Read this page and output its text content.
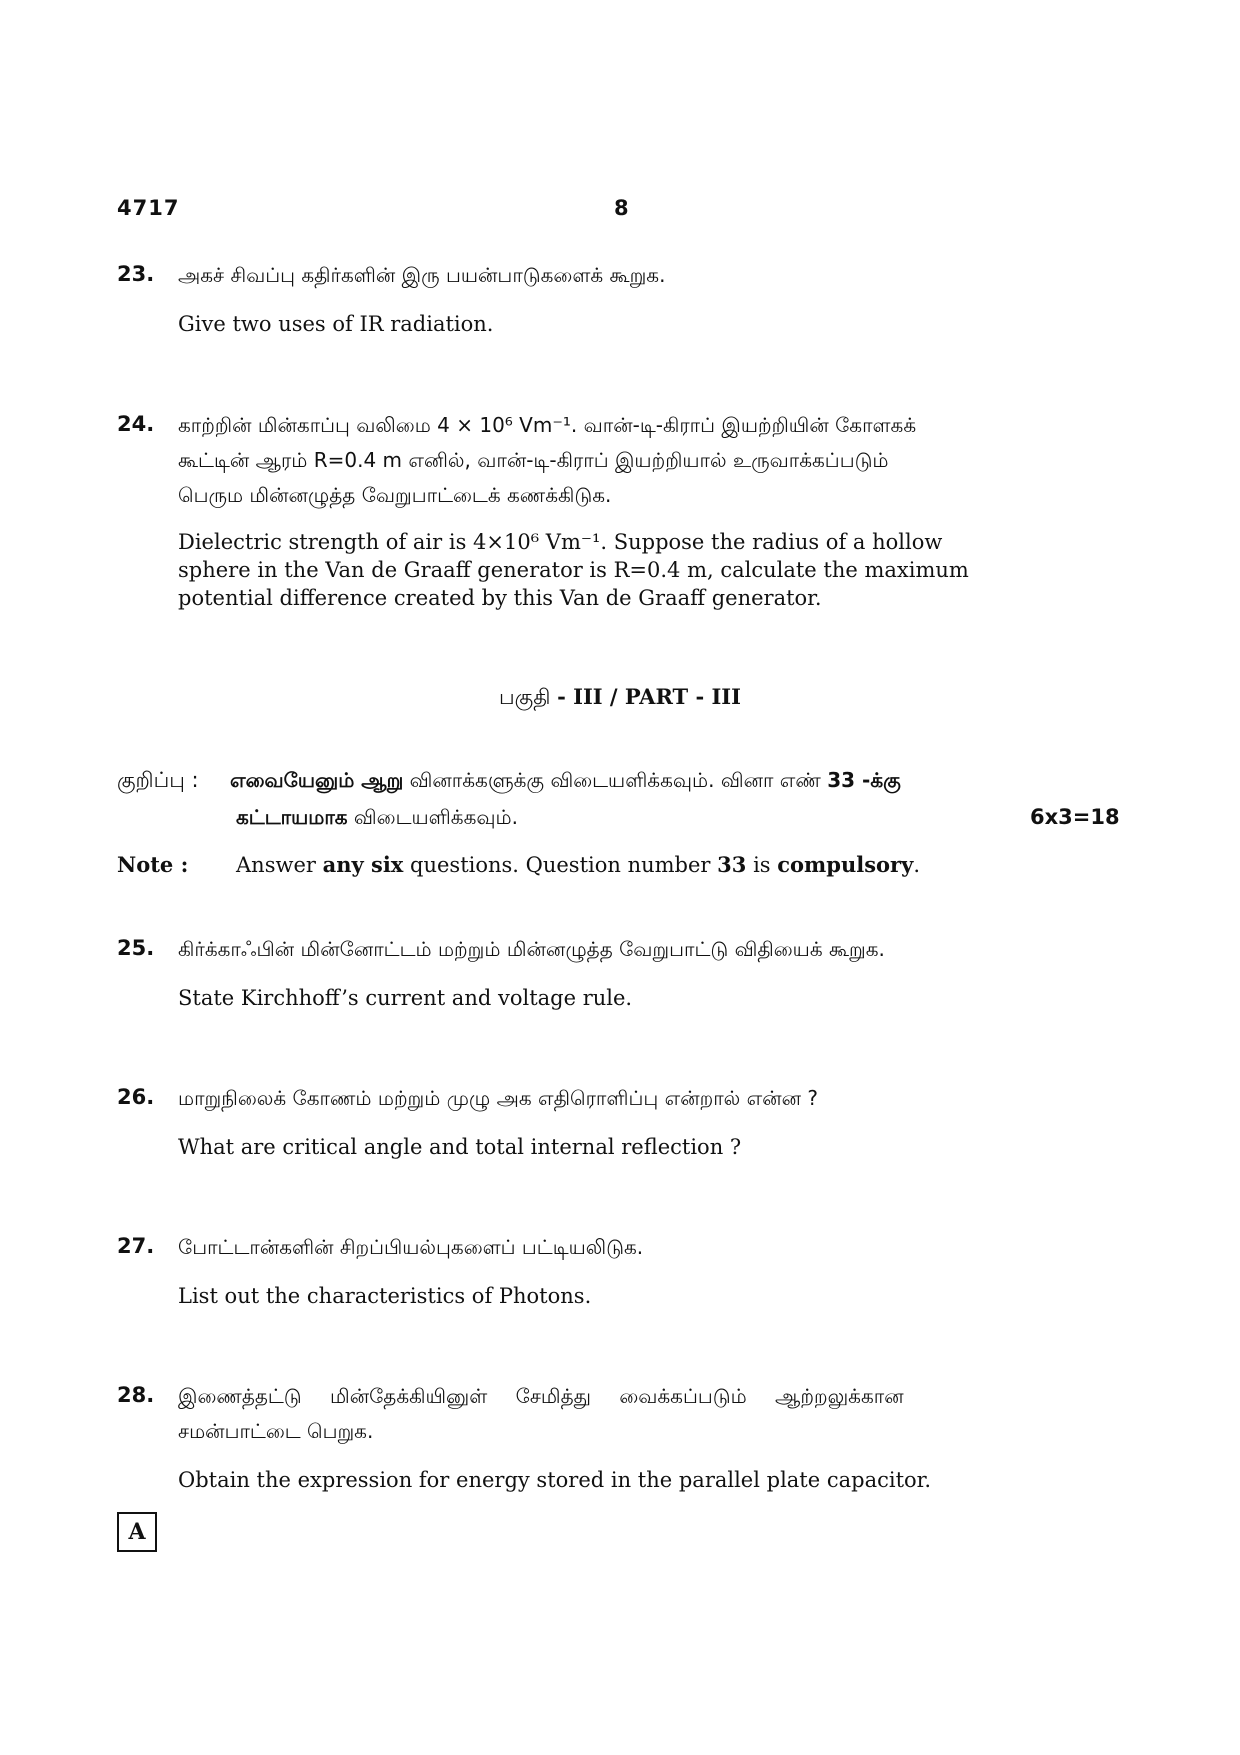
4717	8
23. அகச் சிவப்பு கதிர்களின் இரு பயன்பாடுகளைக் கூறுக.
Give two uses of IR radiation.
24. காற்றின் மின்காப்பு வலிமை 4 × 10⁶ Vm⁻¹. வான்-டி-கிராப் இயற்றியின் கோளகக்
கூட்டின் ஆரம் R=0.4 m எனில், வான்-டி-கிராப் இயற்றியால் உருவாக்கப்படும்
பெரும மின்னழுத்த வேறுபாட்டைக் கணக்கிடுக.
Dielectric strength of air is 4×10⁶ Vm⁻¹. Suppose the radius of a hollow
sphere in the Van de Graaff generator is R=0.4 m, calculate the maximum
potential difference created by this Van de Graaff generator.
பகுதி - III / PART - III
குறிப்பு : எவையேனும் ஆறு வினாக்களுக்கு விடையளிக்கவும். வினா எண் 33 -க்கு
கட்டாயமாக விடையளிக்கவும்.	6x3=18
Note : Answer any six questions. Question number 33 is compulsory.
25. கிர்க்காஃபின் மின்னோட்டம் மற்றும் மின்னழுத்த வேறுபாட்டு விதியைக் கூறுக.
State Kirchhoff’s current and voltage rule.
26. மாறுநிலைக் கோணம் மற்றும் முழு அக எதிரொளிப்பு என்றால் என்ன ?
What are critical angle and total internal reflection ?
27. போட்டான்களின் சிறப்பியல்புகளைப் பட்டியலிடுக.
List out the characteristics of Photons.
28. இணைத்தட்டு மின்தேக்கியினுள் சேமித்து வைக்கப்படும் ஆற்றலுக்கான
சமன்பாட்டை பெறுக.
Obtain the expression for energy stored in the parallel plate capacitor.
A
